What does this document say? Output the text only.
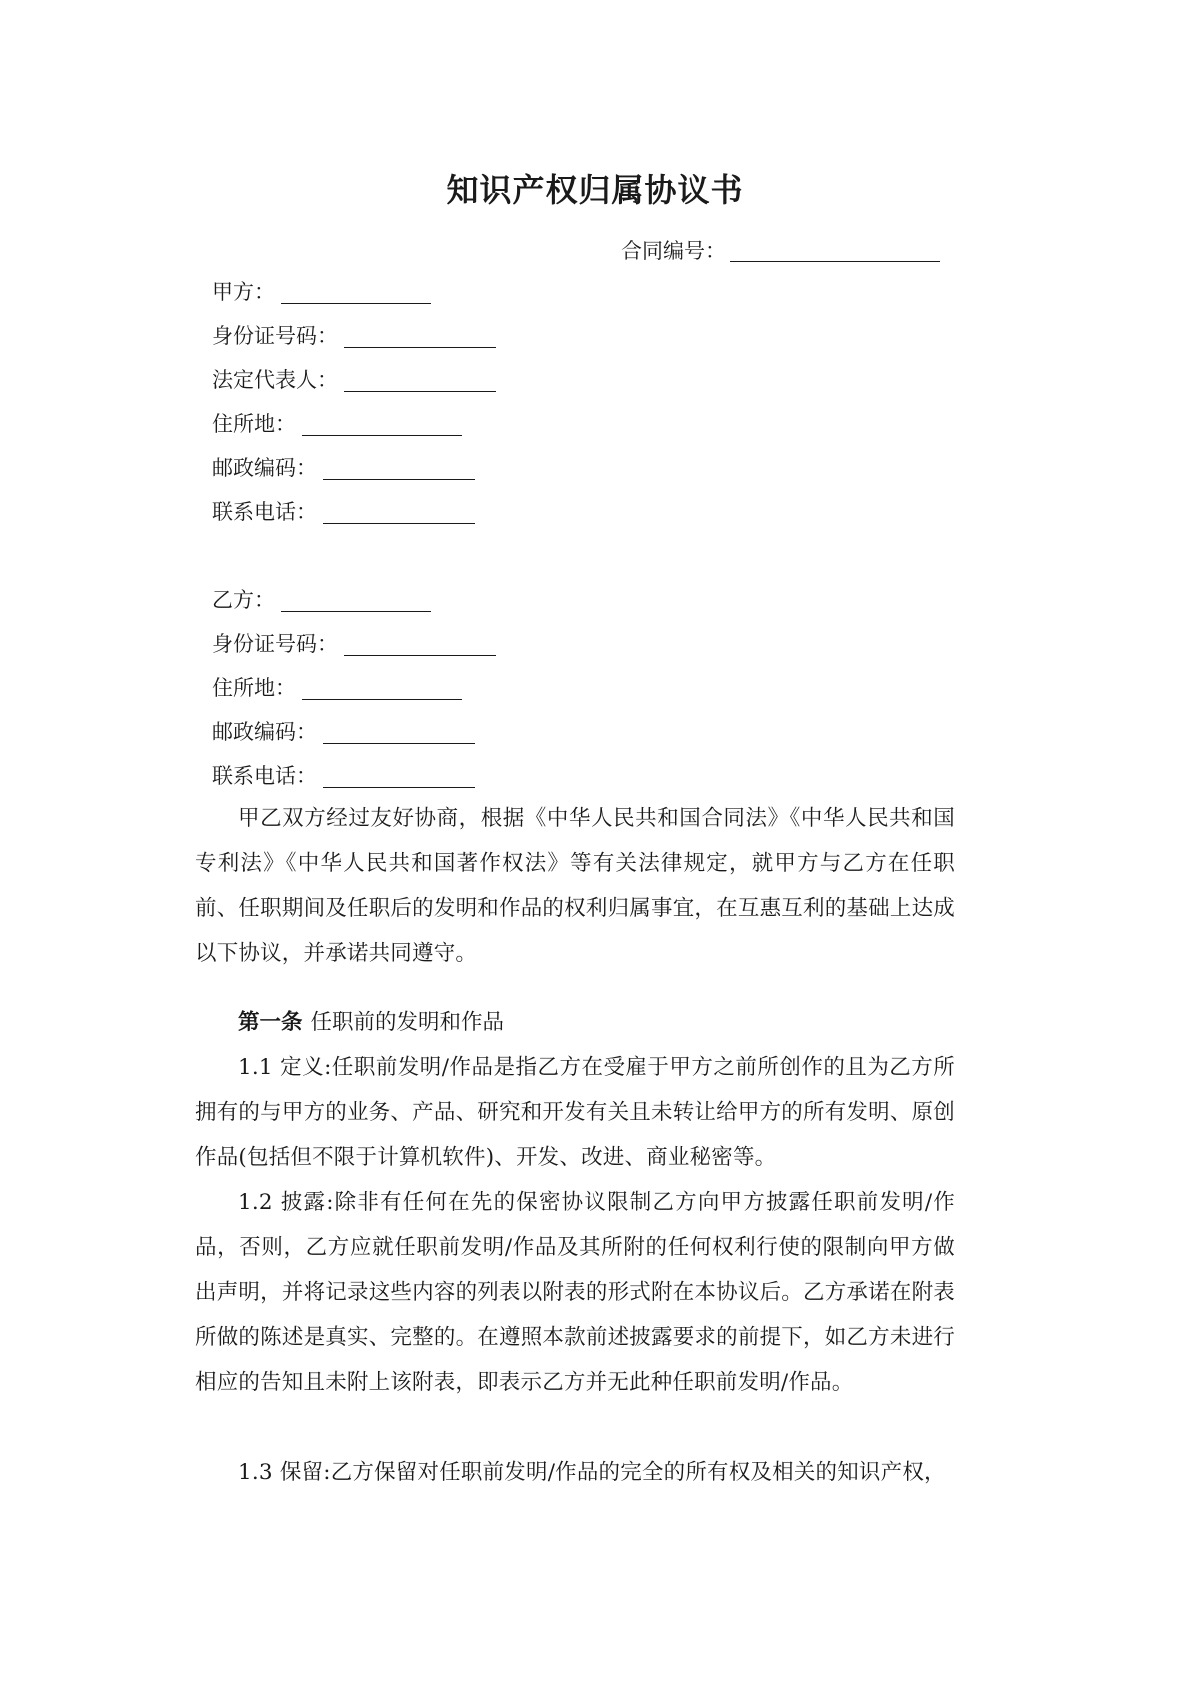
知识产权归属协议书
合同编号：
甲方：
身份证号码：
法定代表人：
住所地：
邮政编码：
联系电话：
乙方：
身份证号码：
住所地：
邮政编码：
联系电话：
甲乙双方经过友好协商，根据《中华人民共和国合同法》《中华人民共和国专利法》《中华人民共和国著作权法》等有关法律规定，就甲方与乙方在任职前、任职期间及任职后的发明和作品的权利归属事宜，在互惠互利的基础上达成以下协议，并承诺共同遵守。
第一条 任职前的发明和作品
1.1 定义:任职前发明/作品是指乙方在受雇于甲方之前所创作的且为乙方所拥有的与甲方的业务、产品、研究和开发有关且未转让给甲方的所有发明、原创作品(包括但不限于计算机软件)、开发、改进、商业秘密等。
1.2 披露:除非有任何在先的保密协议限制乙方向甲方披露任职前发明/作品，否则，乙方应就任职前发明/作品及其所附的任何权利行使的限制向甲方做出声明，并将记录这些内容的列表以附表的形式附在本协议后。乙方承诺在附表所做的陈述是真实、完整的。在遵照本款前述披露要求的前提下，如乙方未进行相应的告知且未附上该附表，即表示乙方并无此种任职前发明/作品。
1.3 保留:乙方保留对任职前发明/作品的完全的所有权及相关的知识产权，
